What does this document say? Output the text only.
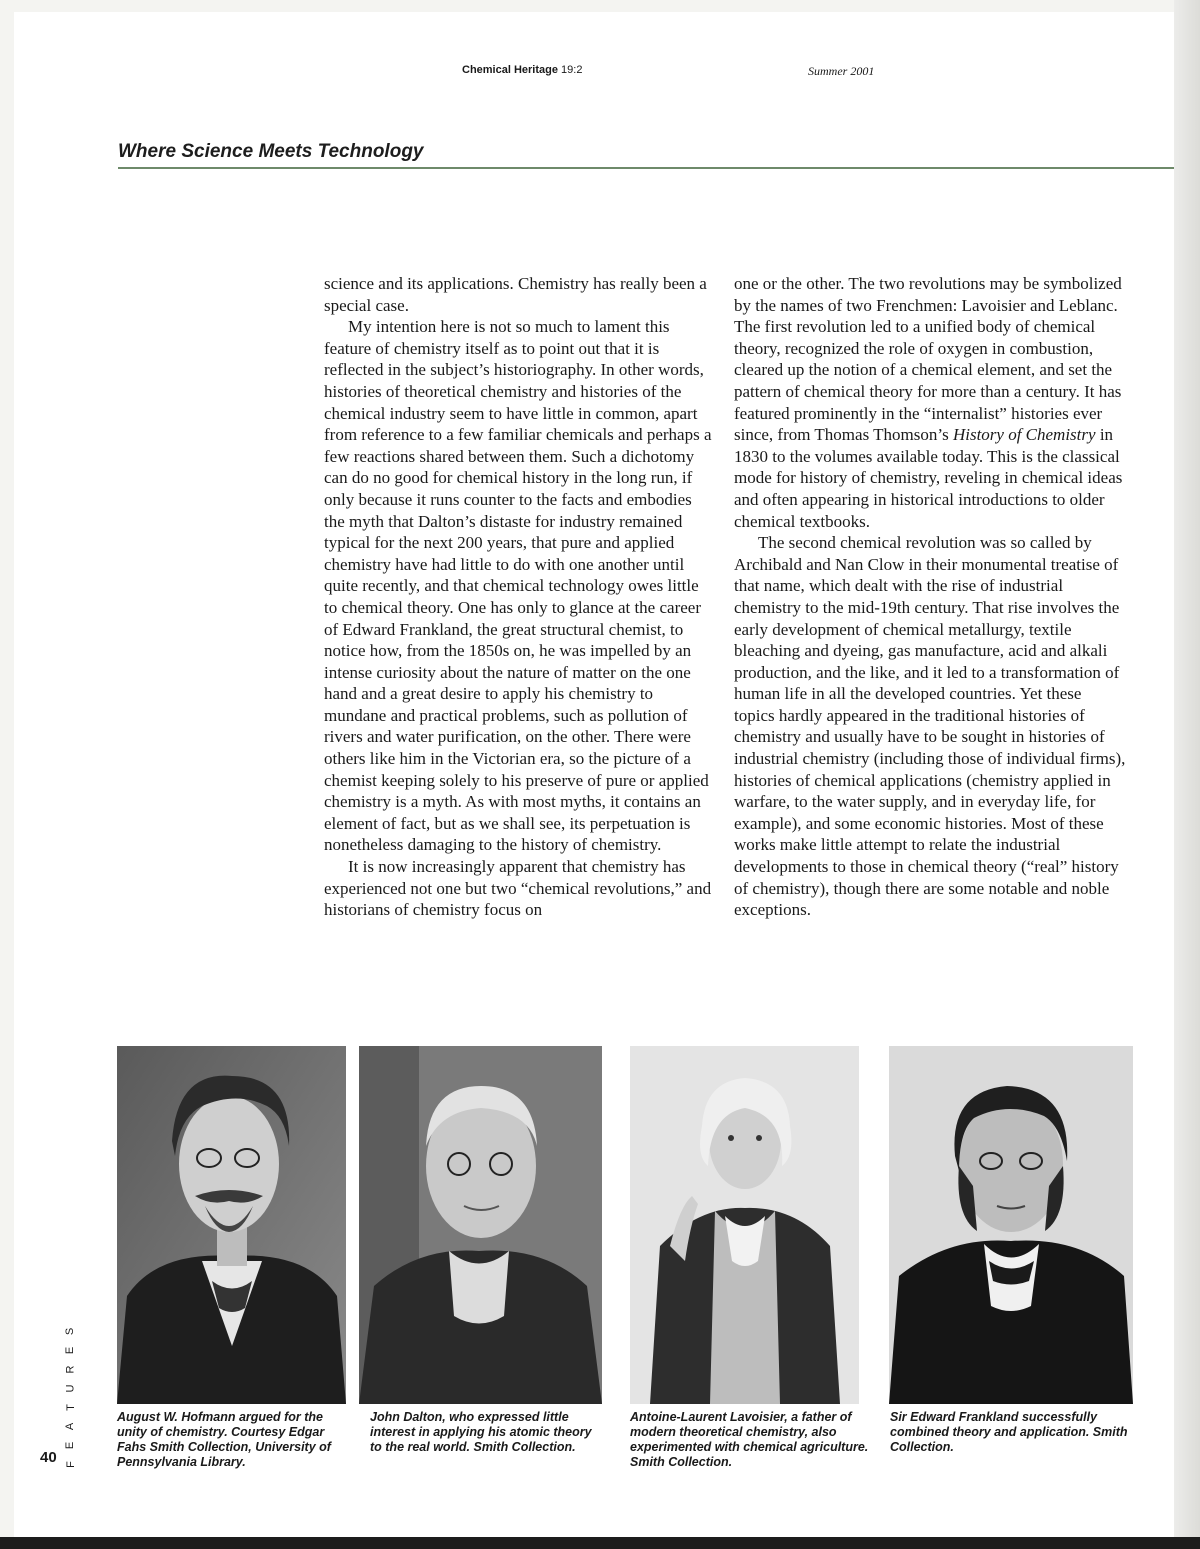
Chemical Heritage 19:2	Summer 2001
Where Science Meets Technology

science and its applications. Chemistry has really been a special case.

My intention here is not so much to lament this feature of chemistry itself as to point out that it is reflected in the subject’s historiography. In other words, histories of theoretical chemistry and histories of the chemical industry seem to have little in common, apart from reference to a few familiar chemicals and perhaps a few reactions shared between them. Such a dichotomy can do no good for chemical history in the long run, if only because it runs counter to the facts and embodies the myth that Dalton’s distaste for industry remained typical for the next 200 years, that pure and applied chemistry have had little to do with one another until quite recently, and that chemical technology owes little to chemical theory. One has only to glance at the career of Edward Frankland, the great structural chemist, to notice how, from the 1850s on, he was impelled by an intense curiosity about the nature of matter on the one hand and a great desire to apply his chemistry to mundane and practical problems, such as pollution of rivers and water purification, on the other. There were others like him in the Victorian era, so the picture of a chemist keeping solely to his preserve of pure or applied chemistry is a myth. As with most myths, it contains an element of fact, but as we shall see, its perpetuation is nonetheless damaging to the history of chemistry.

It is now increasingly apparent that chemistry has experienced not one but two “chemical revolutions,” and historians of chemistry focus on

one or the other. The two revolutions may be symbolized by the names of two Frenchmen: Lavoisier and Leblanc. The first revolution led to a unified body of chemical theory, recognized the role of oxygen in combustion, cleared up the notion of a chemical element, and set the pattern of chemical theory for more than a century. It has featured prominently in the “internalist” histories ever since, from Thomas Thomson’s History of Chemistry in 1830 to the volumes available today. This is the classical mode for history of chemistry, reveling in chemical ideas and often appearing in historical introductions to older chemical textbooks.

The second chemical revolution was so called by Archibald and Nan Clow in their monumental treatise of that name, which dealt with the rise of industrial chemistry to the mid-19th century. That rise involves the early development of chemical metallurgy, textile bleaching and dyeing, gas manufacture, acid and alkali production, and the like, and it led to a transformation of human life in all the developed countries. Yet these topics hardly appeared in the traditional histories of chemistry and usually have to be sought in histories of industrial chemistry (including those of individual firms), histories of chemical applications (chemistry applied in warfare, to the water supply, and in everyday life, for example), and some economic histories. Most of these works make little attempt to relate the industrial developments to those in chemical theory (“real” history of chemistry), though there are some notable and noble exceptions.

August W. Hofmann argued for the unity of chemistry. Courtesy Edgar Fahs Smith Collection, University of Pennsylvania Library.
John Dalton, who expressed little interest in applying his atomic theory to the real world. Smith Collection.
Antoine-Laurent Lavoisier, a father of modern theoretical chemistry, also experimented with chemical agriculture. Smith Collection.
Sir Edward Frankland successfully combined theory and application. Smith Collection.
S
E
R
U
T
A
E
F
40
